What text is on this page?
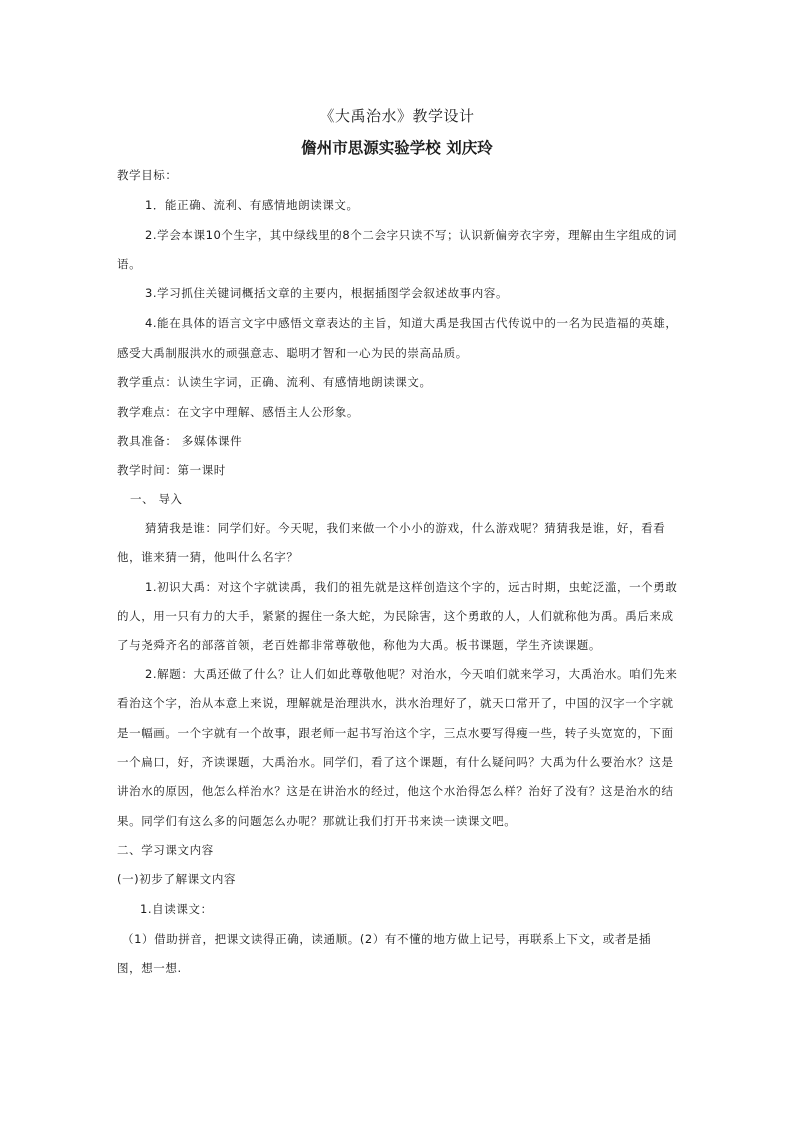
《大禹治水》教学设计
儋州市思源实验学校 刘庆玲
教学目标：
1．能正确、流利、有感情地朗读课文。
2.学会本课10个生字，其中绿线里的8个二会字只读不写；认识新偏旁衣字旁，理解由生字组成的词
语。
3.学习抓住关键词概括文章的主要内，根据插图学会叙述故事内容。
4.能在具体的语言文字中感悟文章表达的主旨，知道大禹是我国古代传说中的一名为民造福的英雄，
感受大禹制服洪水的顽强意志、聪明才智和一心为民的崇高品质。
教学重点：认读生字词，正确、流利、有感情地朗读课文。
教学难点：在文字中理解、感悟主人公形象。
教具准备： 多媒体课件
教学时间：第一课时
一、 导入
猜猜我是谁：同学们好。今天呢，我们来做一个小小的游戏，什么游戏呢？猜猜我是谁，好，看看
他，谁来猜一猜，他叫什么名字？
1.初识大禹：对这个字就读禹，我们的祖先就是这样创造这个字的，远古时期，虫蛇泛滥，一个勇敢
的人，用一只有力的大手，紧紧的握住一条大蛇，为民除害，这个勇敢的人，人们就称他为禹。禹后来成
了与尧舜齐名的部落首领，老百姓都非常尊敬他，称他为大禹。板书课题，学生齐读课题。
2.解题：大禹还做了什么？让人们如此尊敬他呢？对治水，今天咱们就来学习，大禹治水。咱们先来
看治这个字，治从本意上来说，理解就是治理洪水，洪水治理好了，就天口常开了，中国的汉字一个字就
是一幅画。一个字就有一个故事，跟老师一起书写治这个字，三点水要写得瘦一些，转子头宽宽的，下面
一个扁口，好，齐读课题，大禹治水。同学们，看了这个课题，有什么疑问吗？大禹为什么要治水？这是
讲治水的原因，他怎么样治水？这是在讲治水的经过，他这个水治得怎么样？治好了没有？这是治水的结
果。同学们有这么多的问题怎么办呢？那就让我们打开书来读一读课文吧。
二、学习课文内容
(一)初步了解课文内容
1.自读课文：
（1）借助拼音，把课文读得正确，读通顺。(2）有不懂的地方做上记号，再联系上下文，或者是插
图，想一想.
